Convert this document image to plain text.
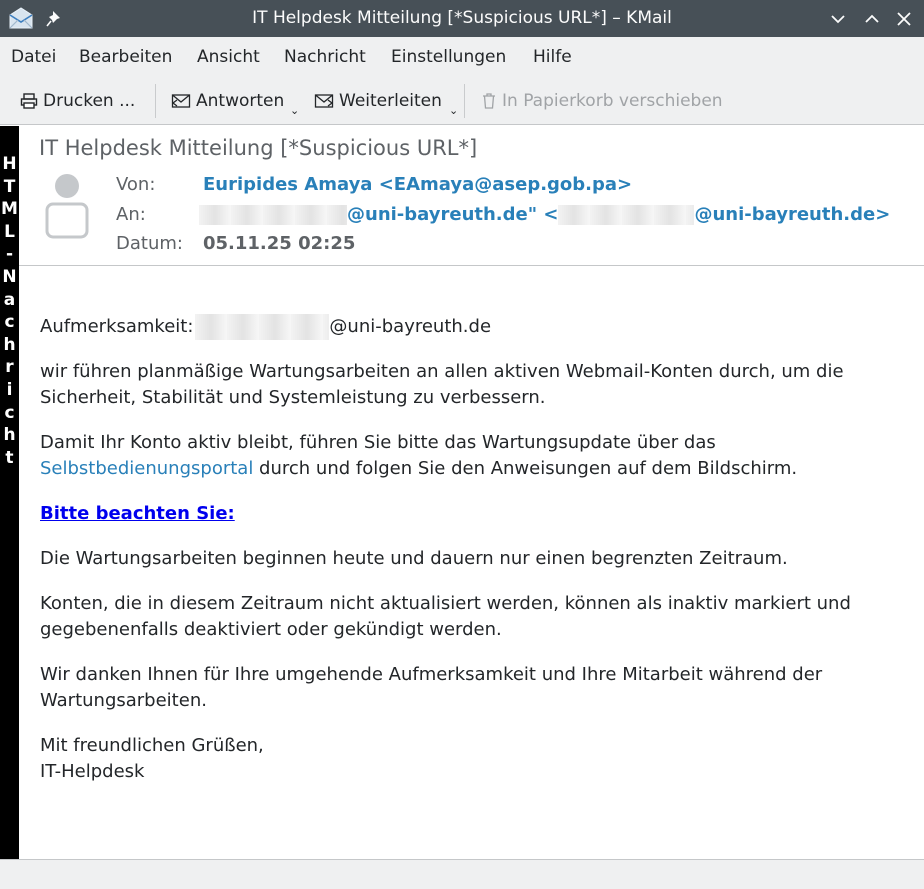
IT Helpdesk Mitteilung [*Suspicious URL*] – KMail
Datei Bearbeiten Ansicht Nachricht Einstellungen Hilfe
Drucken ...	Antworten ⌄ Weiterleiten ⌄	In Papierkorb verschieben
H
T
M
L
-
N
a
c
h
r
i
c
h
t
IT Helpdesk Mitteilung [*Suspicious URL*]
Von:	Euripides Amaya <EAmaya@asep.gob.pa>
An:	@uni-bayreuth.de" <	@uni-bayreuth.de>
Datum: 05.11.25 02:25

Aufmerksamkeit:	@uni-bayreuth.de

wir führen planmäßige Wartungsarbeiten an allen aktiven Webmail-Konten durch, um die
Sicherheit, Stabilität und Systemleistung zu verbessern.

Damit Ihr Konto aktiv bleibt, führen Sie bitte das Wartungsupdate über das
Selbstbedienungsportal durch und folgen Sie den Anweisungen auf dem Bildschirm.

Bitte beachten Sie:

Die Wartungsarbeiten beginnen heute und dauern nur einen begrenzten Zeitraum.

Konten, die in diesem Zeitraum nicht aktualisiert werden, können als inaktiv markiert und
gegebenenfalls deaktiviert oder gekündigt werden.

Wir danken Ihnen für Ihre umgehende Aufmerksamkeit und Ihre Mitarbeit während der
Wartungsarbeiten.

Mit freundlichen Grüßen,
IT-Helpdesk
